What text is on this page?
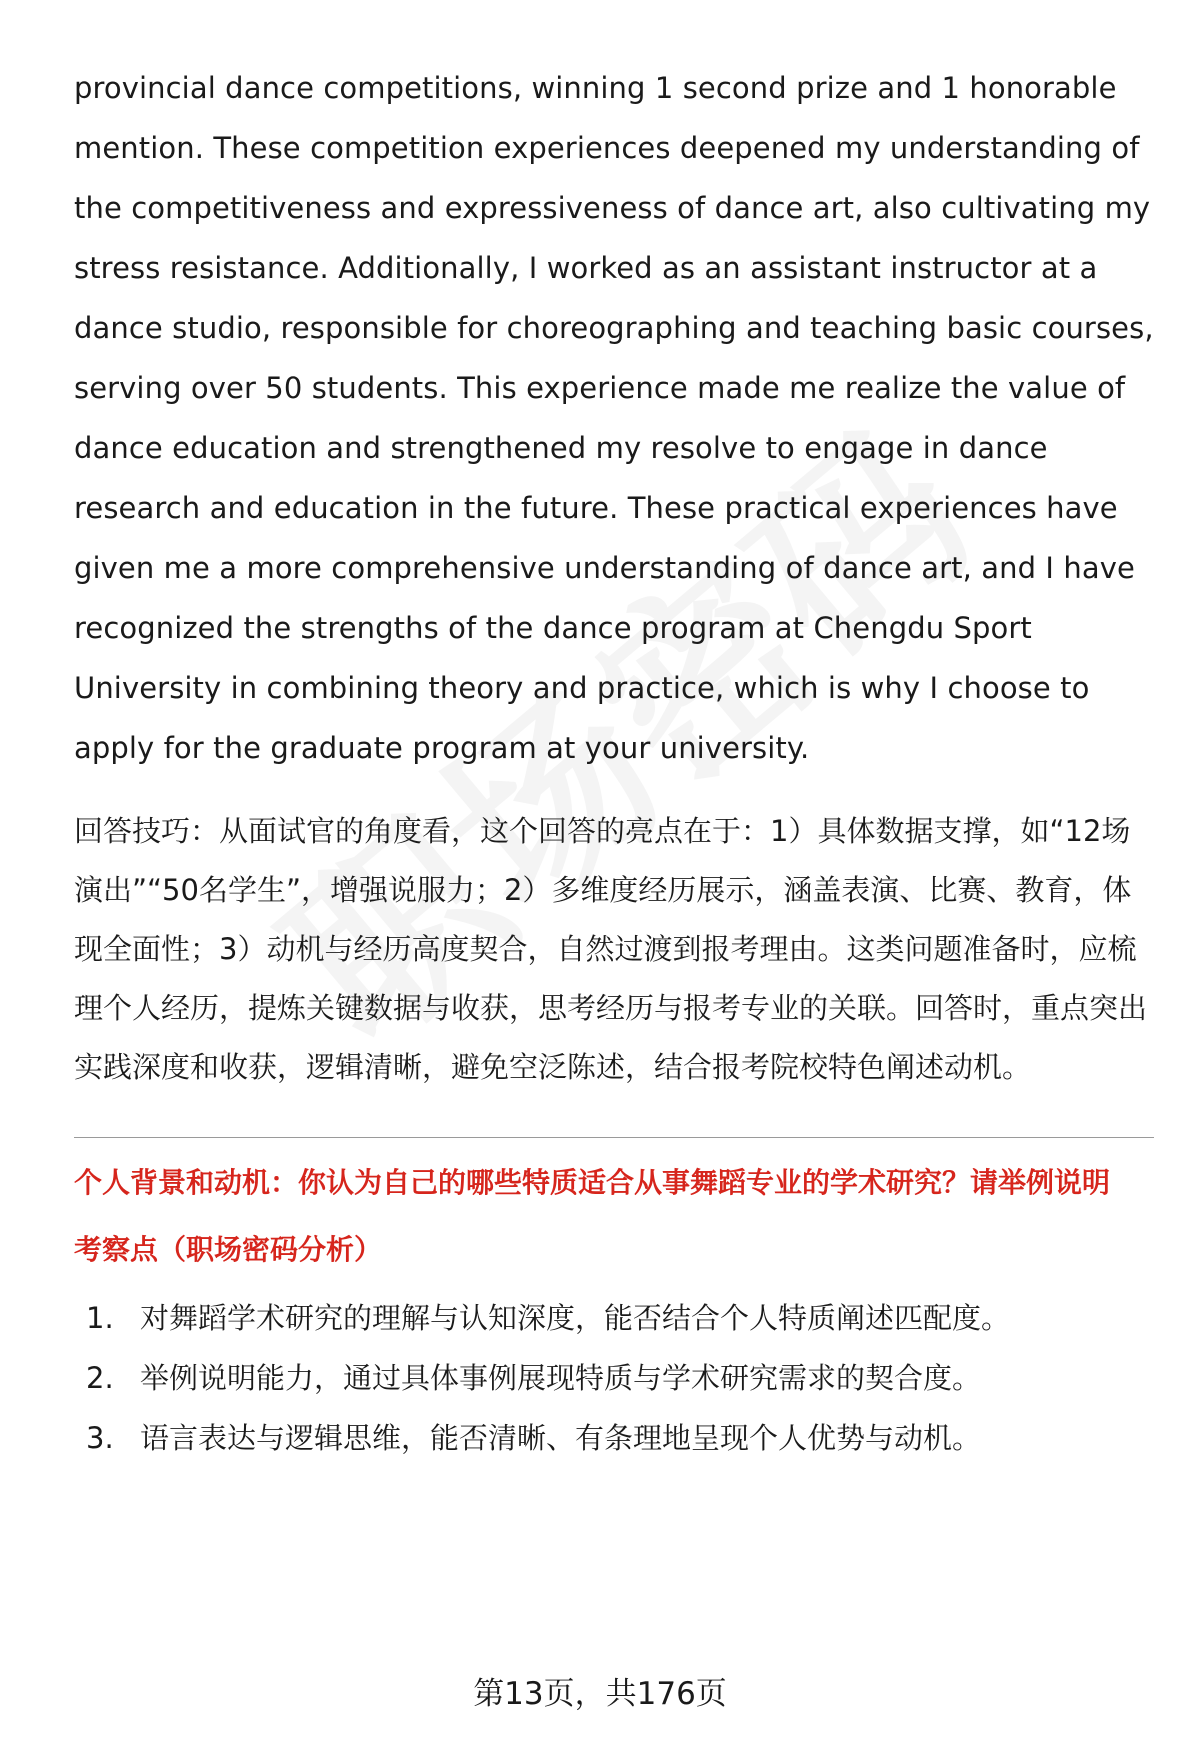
provincial dance competitions, winning 1 second prize and 1 honorable mention. These competition experiences deepened my understanding of the competitiveness and expressiveness of dance art, also cultivating my stress resistance. Additionally, I worked as an assistant instructor at a dance studio, responsible for choreographing and teaching basic courses, serving over 50 students. This experience made me realize the value of dance education and strengthened my resolve to engage in dance research and education in the future. These practical experiences have given me a more comprehensive understanding of dance art, and I have recognized the strengths of the dance program at Chengdu Sport University in combining theory and practice, which is why I choose to apply for the graduate program at your university.

回答技巧：从面试官的角度看，这个回答的亮点在于：1）具体数据支撑，如“12场演出”“50名学生”，增强说服力；2）多维度经历展示，涵盖表演、比赛、教育，体现全面性；3）动机与经历高度契合，自然过渡到报考理由。这类问题准备时，应梳理个人经历，提炼关键数据与收获，思考经历与报考专业的关联。回答时，重点突出实践深度和收获，逻辑清晰，避免空泛陈述，结合报考院校特色阐述动机。
个人背景和动机：你认为自己的哪些特质适合从事舞蹈专业的学术研究？请举例说明
考察点（职场密码分析）
1. 对舞蹈学术研究的理解与认知深度，能否结合个人特质阐述匹配度。
2. 举例说明能力，通过具体事例展现特质与学术研究需求的契合度。
3. 语言表达与逻辑思维，能否清晰、有条理地呈现个人优势与动机。
第13页，共176页
